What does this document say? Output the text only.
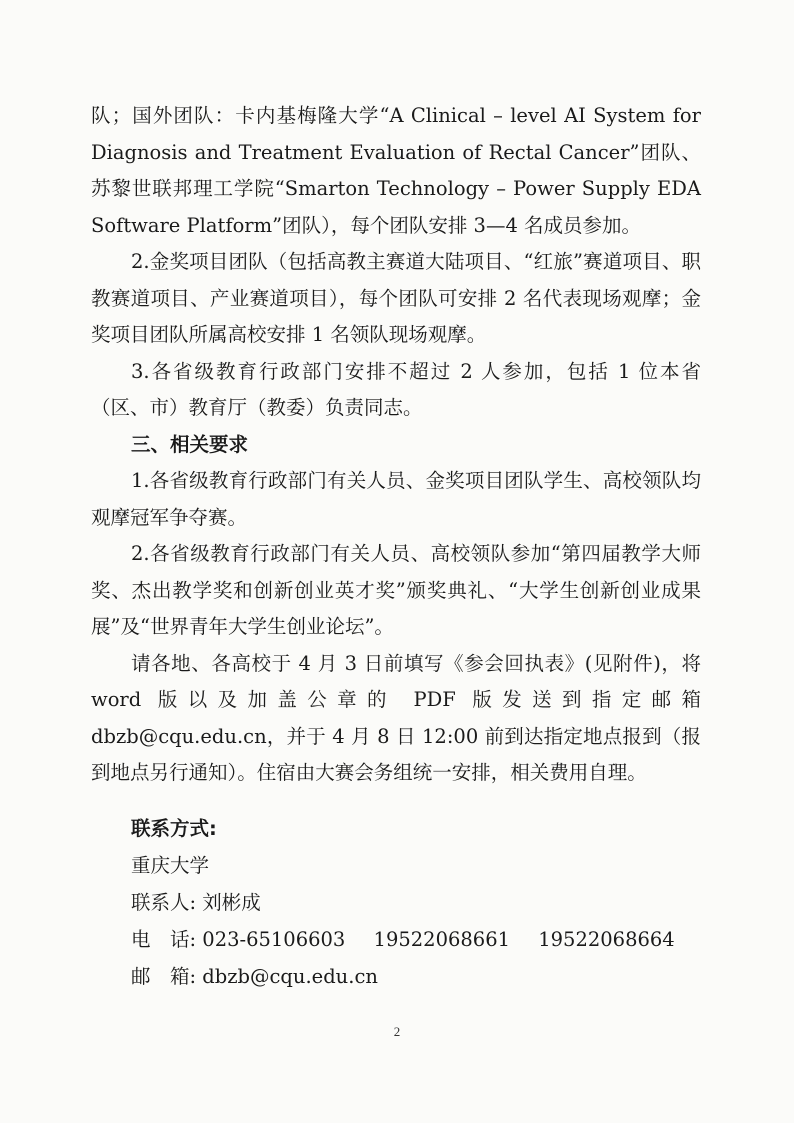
队；国外团队：卡内基梅隆大学“A Clinical – level AI System for Diagnosis and Treatment Evaluation of Rectal Cancer”团队、苏黎世联邦理工学院“Smarton Technology – Power Supply EDA Software Platform”团队），每个团队安排 3—4 名成员参加。

2.金奖项目团队（包括高教主赛道大陆项目、“红旅”赛道项目、职教赛道项目、产业赛道项目），每个团队可安排 2 名代表现场观摩；金奖项目团队所属高校安排 1 名领队现场观摩。

3.各省级教育行政部门安排不超过 2 人参加，包括 1 位本省（区、市）教育厅（教委）负责同志。

三、相关要求

1.各省级教育行政部门有关人员、金奖项目团队学生、高校领队均观摩冠军争夺赛。

2.各省级教育行政部门有关人员、高校领队参加“第四届教学大师奖、杰出教学奖和创新创业英才奖”颁奖典礼、“大学生创新创业成果展”及“世界青年大学生创业论坛”。

请各地、各高校于 4 月 3 日前填写《参会回执表》(见附件)，将 word 版以及加盖公章的 PDF 版发送到指定邮箱 dbzb@cqu.edu.cn，并于 4 月 8 日 12:00 前到达指定地点报到（报到地点另行通知）。住宿由大赛会务组统一安排，相关费用自理。

联系方式:
重庆大学
联系人: 刘彬成
电　话: 023-65106603 19522068661 19522068664
邮　箱: dbzb@cqu.edu.cn
2
